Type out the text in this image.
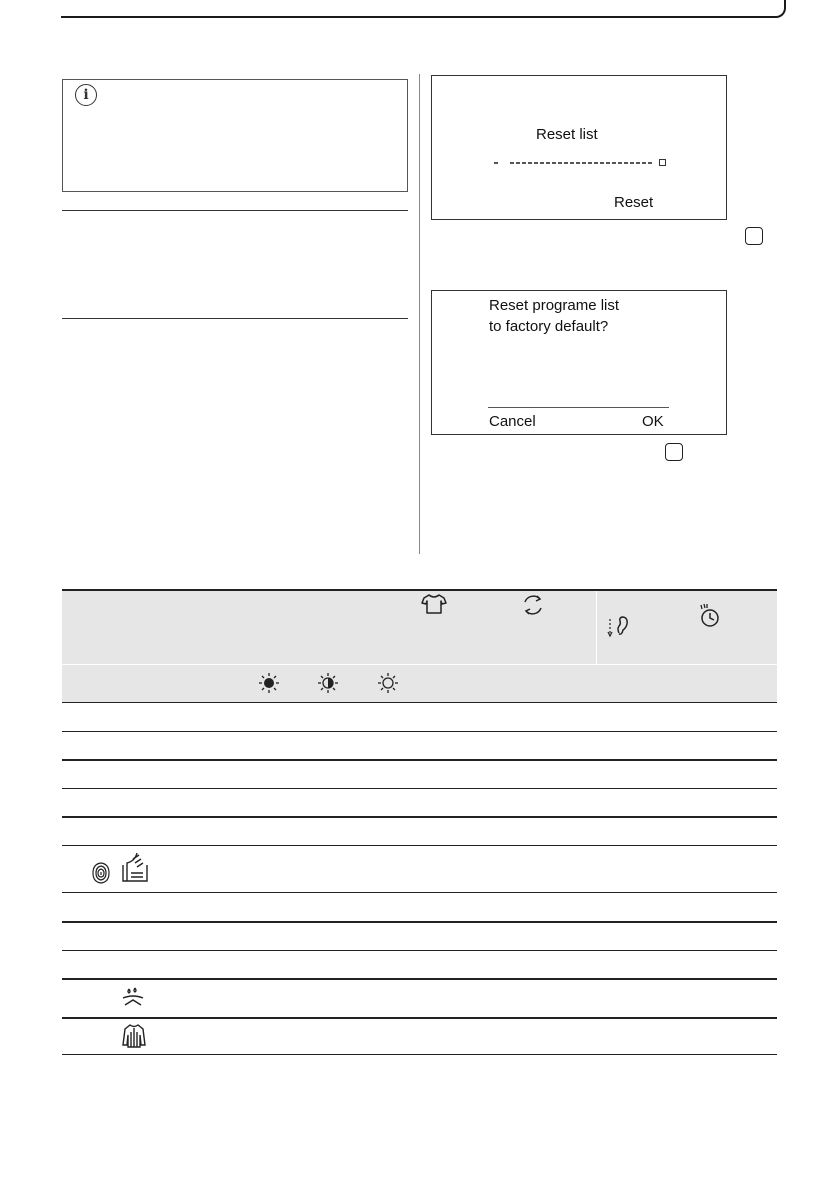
i
Reset list
Reset
Reset programe list
to factory default?
Cancel	OK
